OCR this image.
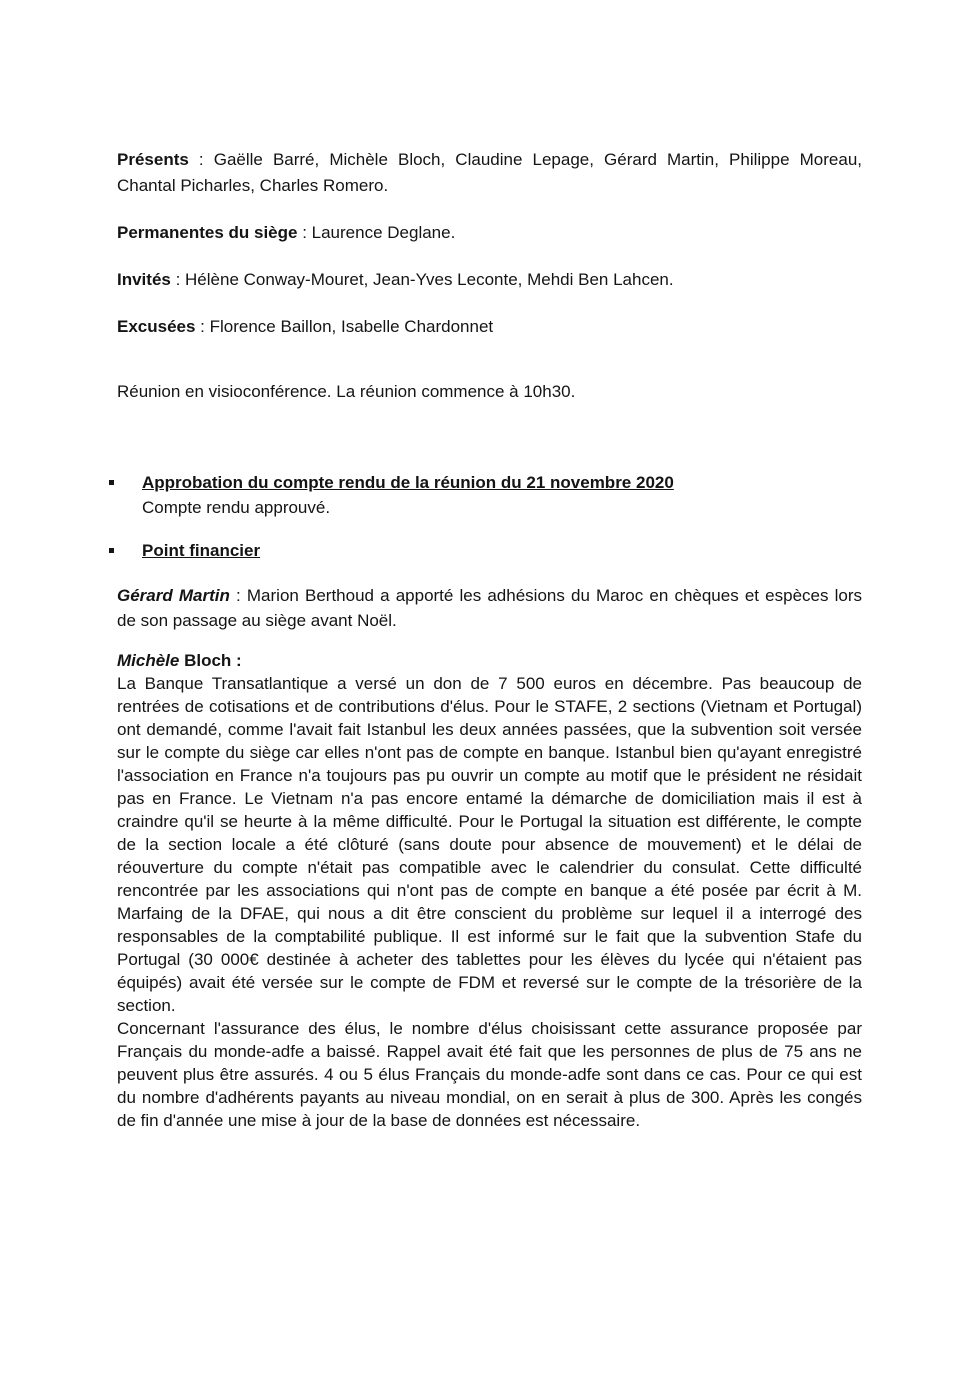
Présents : Gaëlle Barré, Michèle Bloch, Claudine Lepage, Gérard Martin, Philippe Moreau, Chantal Picharles, Charles Romero.

Permanentes du siège : Laurence Deglane.

Invités : Hélène Conway-Mouret, Jean-Yves Leconte, Mehdi Ben Lahcen.

Excusées : Florence Baillon, Isabelle Chardonnet

Réunion en visioconférence. La réunion commence à 10h30.

Approbation du compte rendu de la réunion du 21 novembre 2020
Compte rendu approuvé.
Point financier

Gérard Martin : Marion Berthoud a apporté les adhésions du Maroc en chèques et espèces lors de son passage au siège avant Noël.

Michèle Bloch :

La Banque Transatlantique a versé un don de 7 500 euros en décembre. Pas beaucoup de rentrées de cotisations et de contributions d'élus. Pour le STAFE, 2 sections (Vietnam et Portugal) ont demandé, comme l'avait fait Istanbul les deux années passées, que la subvention soit versée sur le compte du siège car elles n'ont pas de compte en banque. Istanbul bien qu'ayant enregistré l'association en France n'a toujours pas pu ouvrir un compte au motif que le président ne résidait pas en France. Le Vietnam n'a pas encore entamé la démarche de domiciliation mais il est à craindre qu'il se heurte à la même difficulté. Pour le Portugal la situation est différente, le compte de la section locale a été clôturé (sans doute pour absence de mouvement) et le délai de réouverture du compte n'était pas compatible avec le calendrier du consulat. Cette difficulté rencontrée par les associations qui n'ont pas de compte en banque a été posée par écrit à M. Marfaing de la DFAE, qui nous a dit être conscient du problème sur lequel il a interrogé des responsables de la comptabilité publique. Il est informé sur le fait que la subvention Stafe du Portugal (30 000€ destinée à acheter des tablettes pour les élèves du lycée qui n'étaient pas équipés) avait été versée sur le compte de FDM et reversé sur le compte de la trésorière de la section.

Concernant l'assurance des élus, le nombre d'élus choisissant cette assurance proposée par Français du monde-adfe a baissé. Rappel avait été fait que les personnes de plus de 75 ans ne peuvent plus être assurés. 4 ou 5 élus Français du monde-adfe sont dans ce cas. Pour ce qui est du nombre d'adhérents payants au niveau mondial, on en serait à plus de 300. Après les congés de fin d'année une mise à jour de la base de données est nécessaire.
